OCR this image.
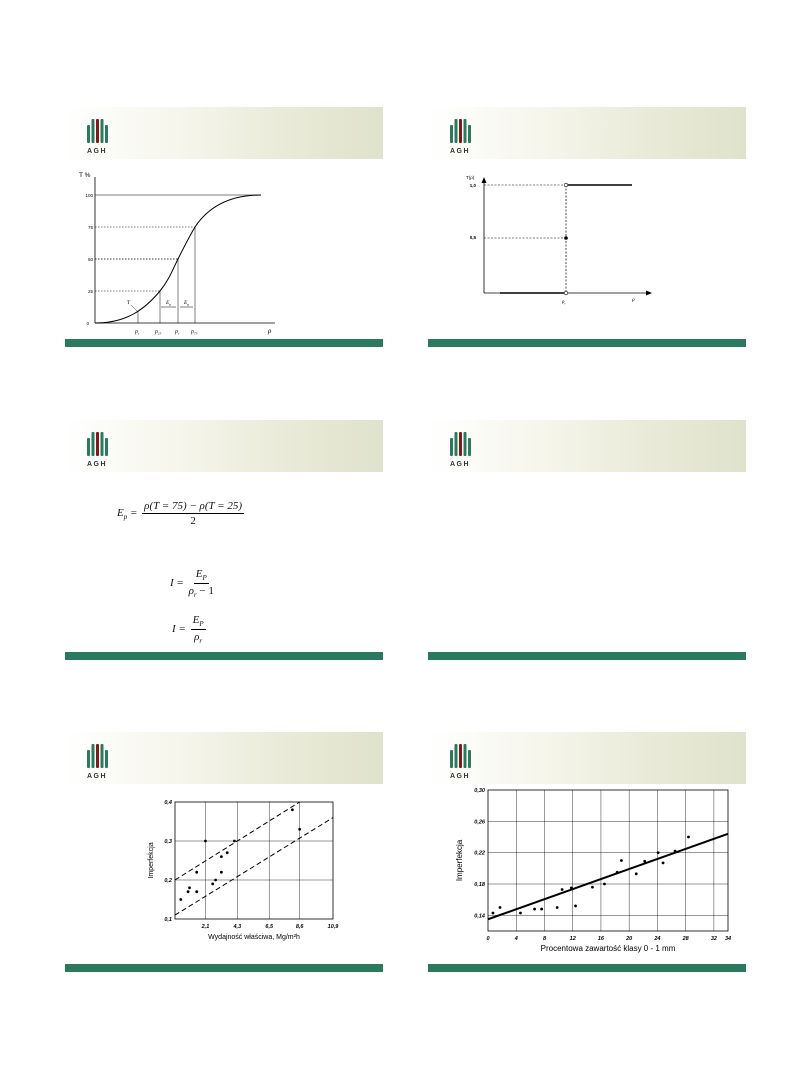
AGH
T %
0
25
50
75
100
T	$E_p$ $E_p$
$\rho_t$	$\rho_{25}$ $\rho_r$ $\rho_{75}$	ρ
AGH
T(ρ)
1,0
0,5
$\rho_r$
ρ
AGH
$E_p = \frac{\rho(T = 75) - \rho(T = 25)}{2}$
$I = \frac{E_P}{\rho_r - 1}$
$I = \frac{E_P}{\rho_r}$
AGH
AGH
2,1	4,3	6,5	8,6	10,9
0,1
0,2
0,3
0,4
Wydajność właściwa, Mg/m²h
Imperfekcja
AGH
0	4	8	12	16	20	24	28	32 34
0,14
0,18
0,22
0,26
0,30
Procentowa zawartość klasy 0 - 1 mm
Imperfekcja
